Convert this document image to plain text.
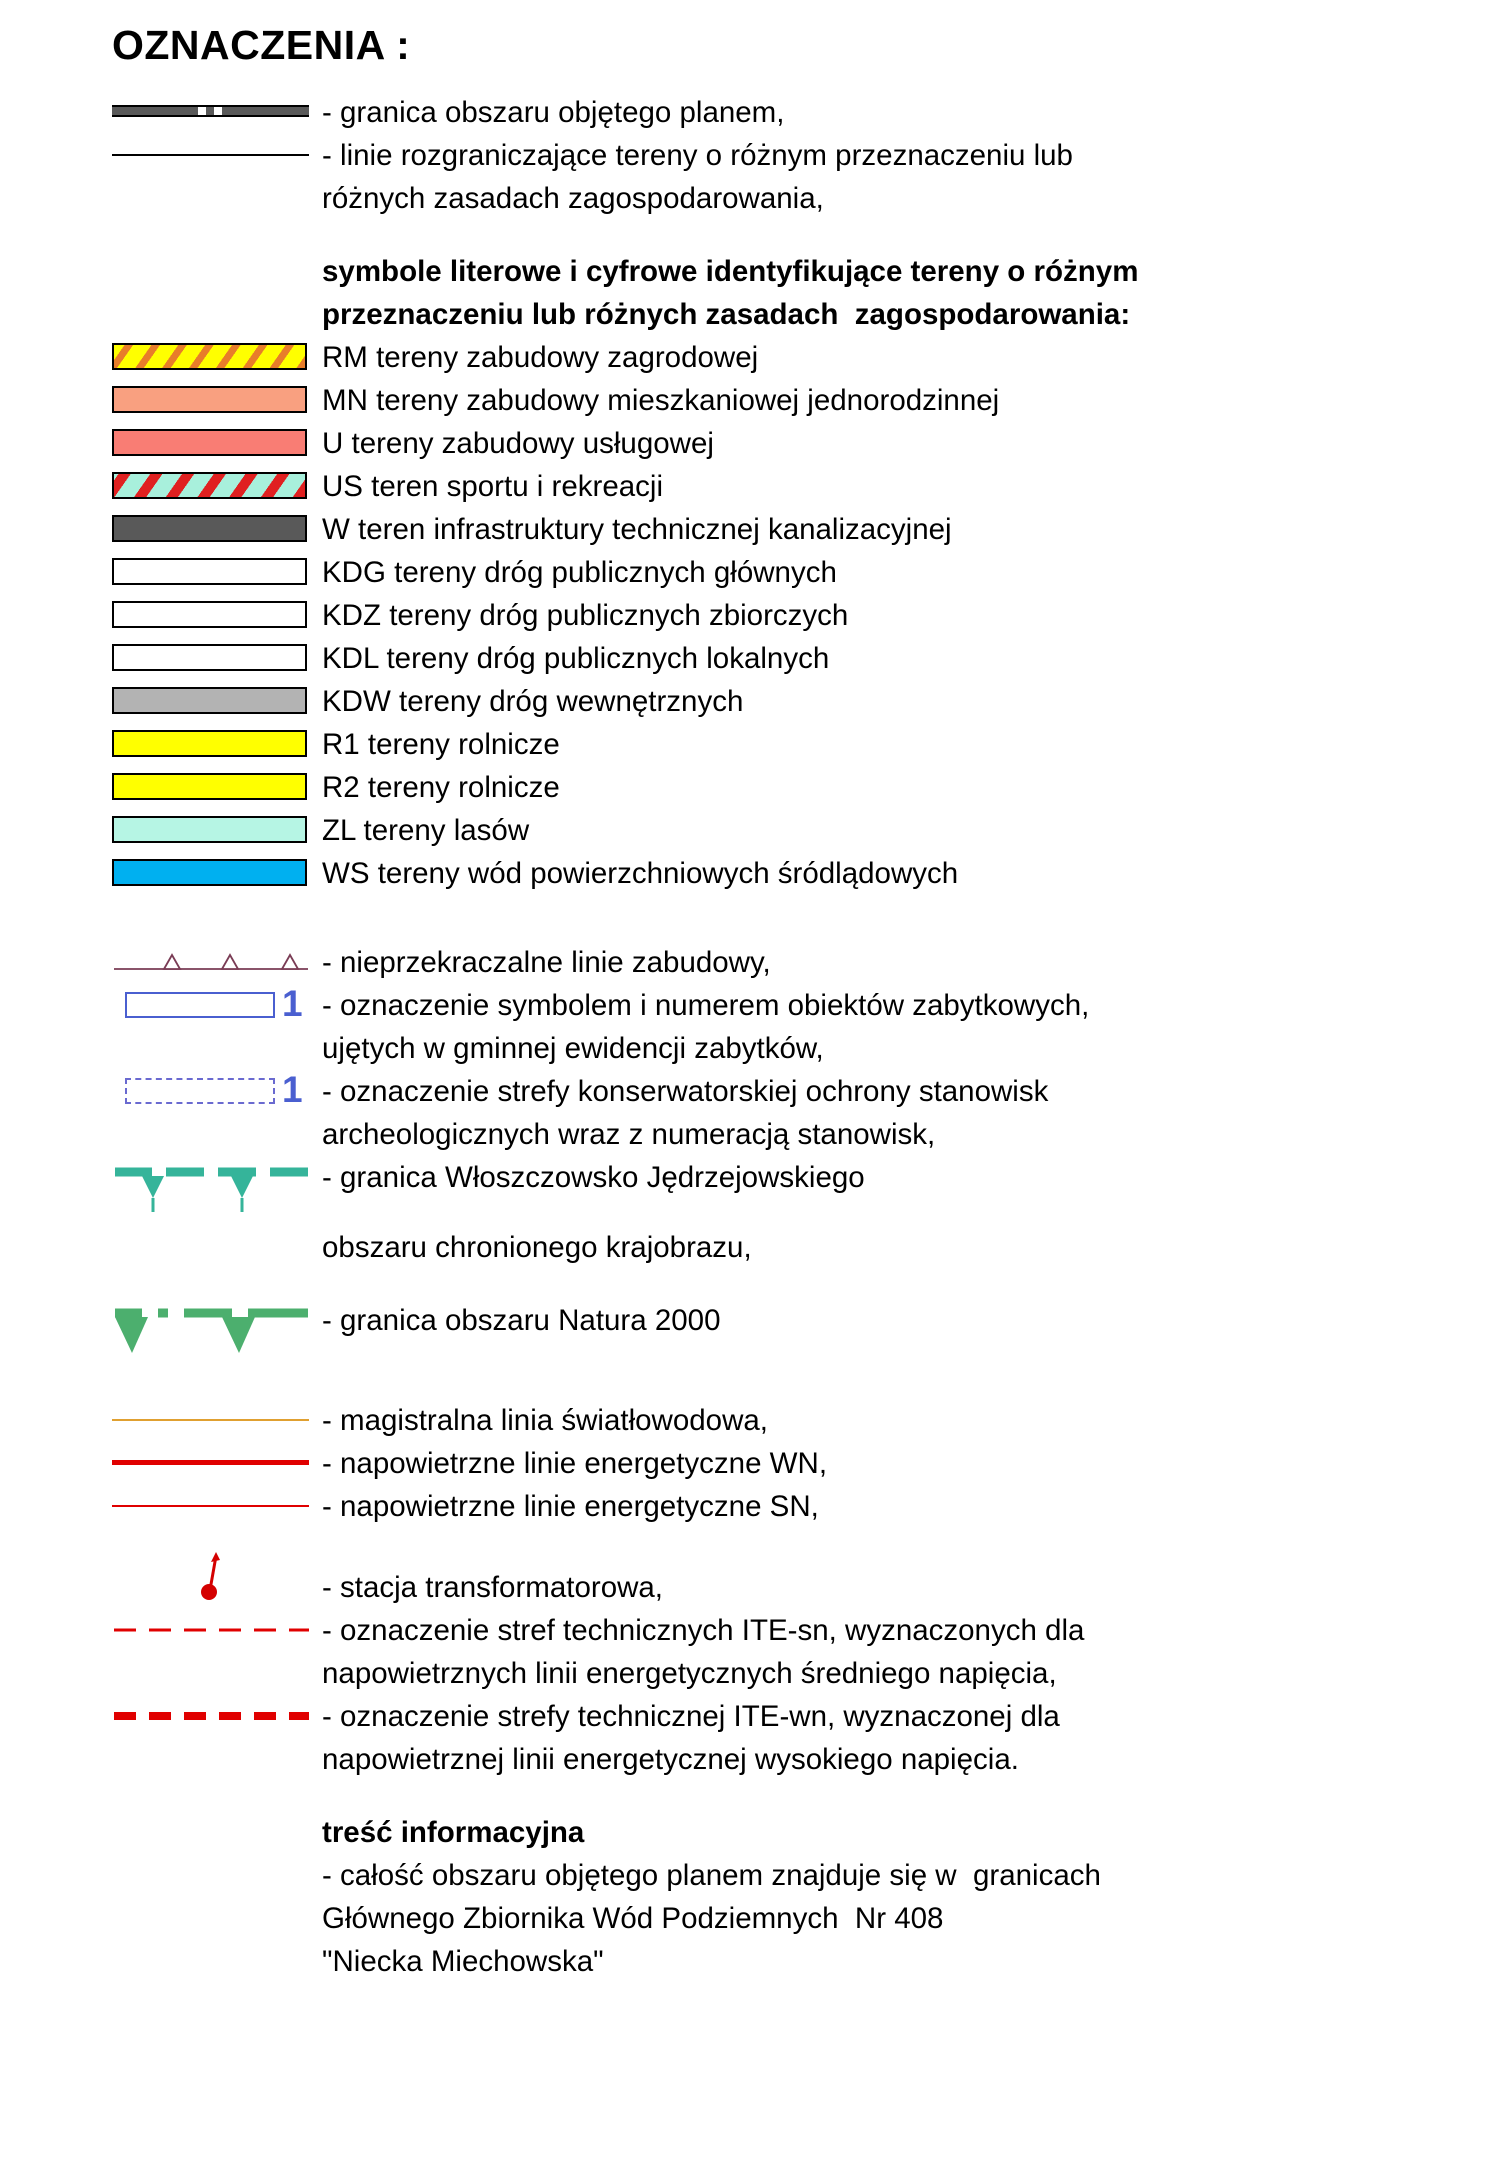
OZNACZENIA :
- granica obszaru objętego planem,
- linie rozgraniczające tereny o różnym przeznaczeniu lub
różnych zasadach zagospodarowania,
symbole literowe i cyfrowe identyfikujące tereny o różnym
przeznaczeniu lub różnych zasadach  zagospodarowania:
RM tereny zabudowy zagrodowej
MN tereny zabudowy mieszkaniowej jednorodzinnej
U tereny zabudowy usługowej
US teren sportu i rekreacji
W teren infrastruktury technicznej kanalizacyjnej
KDG tereny dróg publicznych głównych
KDZ tereny dróg publicznych zbiorczych
KDL tereny dróg publicznych lokalnych
KDW tereny dróg wewnętrznych
R1 tereny rolnicze
R2 tereny rolnicze
ZL tereny lasów
WS tereny wód powierzchniowych śródlądowych
- nieprzekraczalne linie zabudowy,
1 - oznaczenie symbolem i numerem obiektów zabytkowych,
ujętych w gminnej ewidencji zabytków,
1 - oznaczenie strefy konserwatorskiej ochrony stanowisk
archeologicznych wraz z numeracją stanowisk,
- granica Włoszczowsko Jędrzejowskiego
obszaru chronionego krajobrazu,
- granica obszaru Natura 2000
- magistralna linia światłowodowa,
- napowietrzne linie energetyczne WN,
- napowietrzne linie energetyczne SN,
- stacja transformatorowa,
- oznaczenie stref technicznych ITE-sn, wyznaczonych dla
napowietrznych linii energetycznych średniego napięcia,
- oznaczenie strefy technicznej ITE-wn, wyznaczonej dla
napowietrznej linii energetycznej wysokiego napięcia.
treść informacyjna
- całość obszaru objętego planem znajduje się w  granicach
Głównego Zbiornika Wód Podziemnych  Nr 408
"Niecka Miechowska"
